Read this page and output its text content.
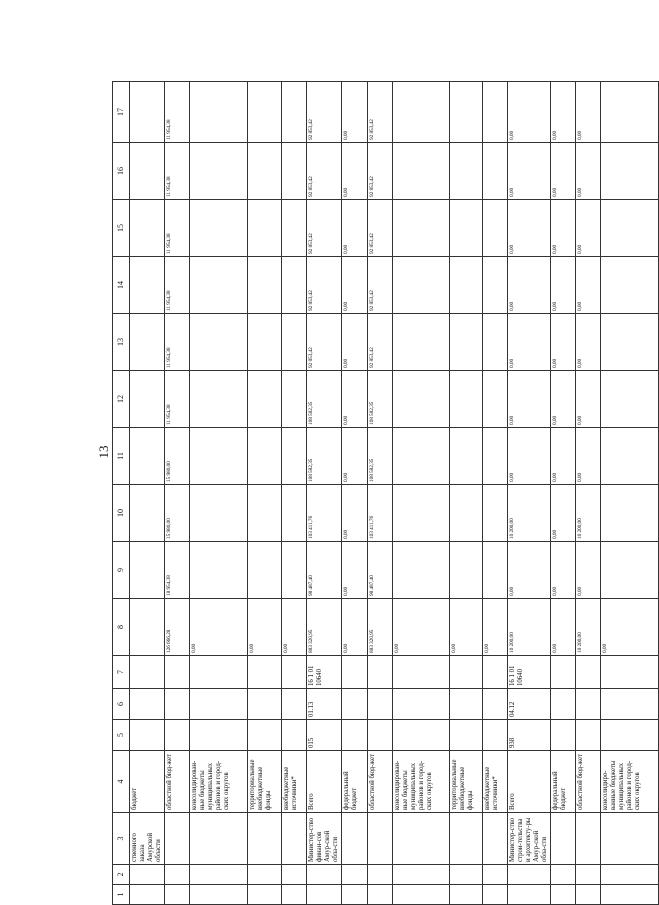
13
1	2	3	4	5	6	7	8	9	10	11	12	13	14	15	16	17
		ственного заказа Амурской области	бюджет													
			областной бюд-жет				126 666,28	18 954,38	15 980,00	15 980,00	11 954,38	11 954,38	11 954,38	11 954,38	11 954,38	11 954,38
			консолидирован-ные бюджеты муниципальных районов и город-ских округов				0,00									
			территориальные внебюджетные фонды				0,00									
			внебюджетные источники*				0,00									
		Министер-ство финан-сов Амур-ской обла-сти	Всего	015	01.13	16 1 01 10640	883 320,95	98 487,40	103 411,76	108 582,35	108 582,35	92 853,42	92 853,42	92 853,42	92 853,42	92 853,42
			федеральный бюджет				0,00	0,00	0,00	0,00	0,00	0,00	0,00	0,00	0,00	0,00
			областной бюд-жет				883 320,95	98 487,40	103 411,76	108 582,35	108 582,35	92 853,42	92 853,42	92 853,42	92 853,42	92 853,42
			консолидирован-ные бюджеты муниципальных районов и город-ских округов				0,00									
			территориальные внебюджетные фонды				0,00									
			внебюджетные источники*				0,00									
		Министер-ство строи-тельства и архитекту-ры Амур-ской обла-сти	Всего	938	04.12	16 1 01 10640	10 200,00	0,00	10 200,00	0,00	0,00	0,00	0,00	0,00	0,00	0,00
			федеральный бюджет				0,00	0,00	0,00	0,00	0,00	0,00	0,00	0,00	0,00	0,00
			областной бюд-жет				10 200,00	0,00	10 200,00	0,00	0,00	0,00	0,00	0,00	0,00	0,00
			консолидиро-ванные бюджеты муниципальных районов и город-ских округов				0,00									
